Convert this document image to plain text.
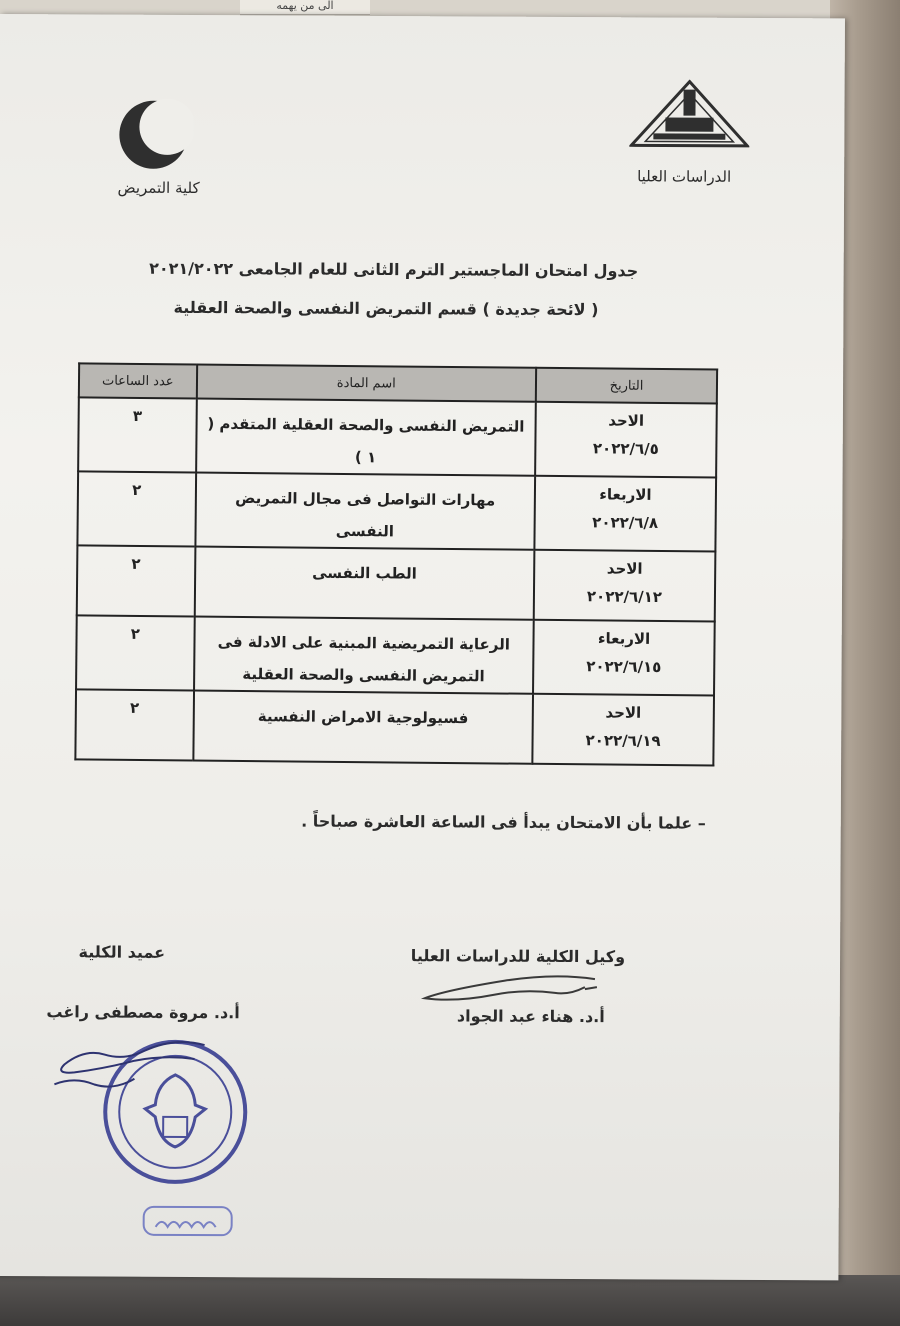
الى من يهمه
كلية التمريض
الدراسات العليا
جدول امتحان الماجستير الترم الثانى للعام الجامعى ٢٠٢١/٢٠٢٢
( لائحة جديدة ) قسم التمريض النفسى والصحة العقلية
التاريخ	اسم المادة	عدد الساعات

الاحد
٢٠٢٢/٦/٥	التمريض النفسى والصحة العقلية المتقدم ( ١ )	٣

الاربعاء
٢٠٢٢/٦/٨	مهارات التواصل فى مجال التمريض النفسى	٢

الاحد
٢٠٢٢/٦/١٢	الطب النفسى	٢

الاربعاء
٢٠٢٢/٦/١٥	الرعاية التمريضية المبنية على الادلة فى التمريض النفسى والصحة العقلية	٢

الاحد
٢٠٢٢/٦/١٩	فسيولوجية الامراض النفسية	٢
– علما بأن الامتحان يبدأ فى الساعة العاشرة صباحاً .
وكيل الكلية للدراسات العليا
أ.د. هناء عبد الجواد
عميد الكلية
أ.د. مروة مصطفى راغب
